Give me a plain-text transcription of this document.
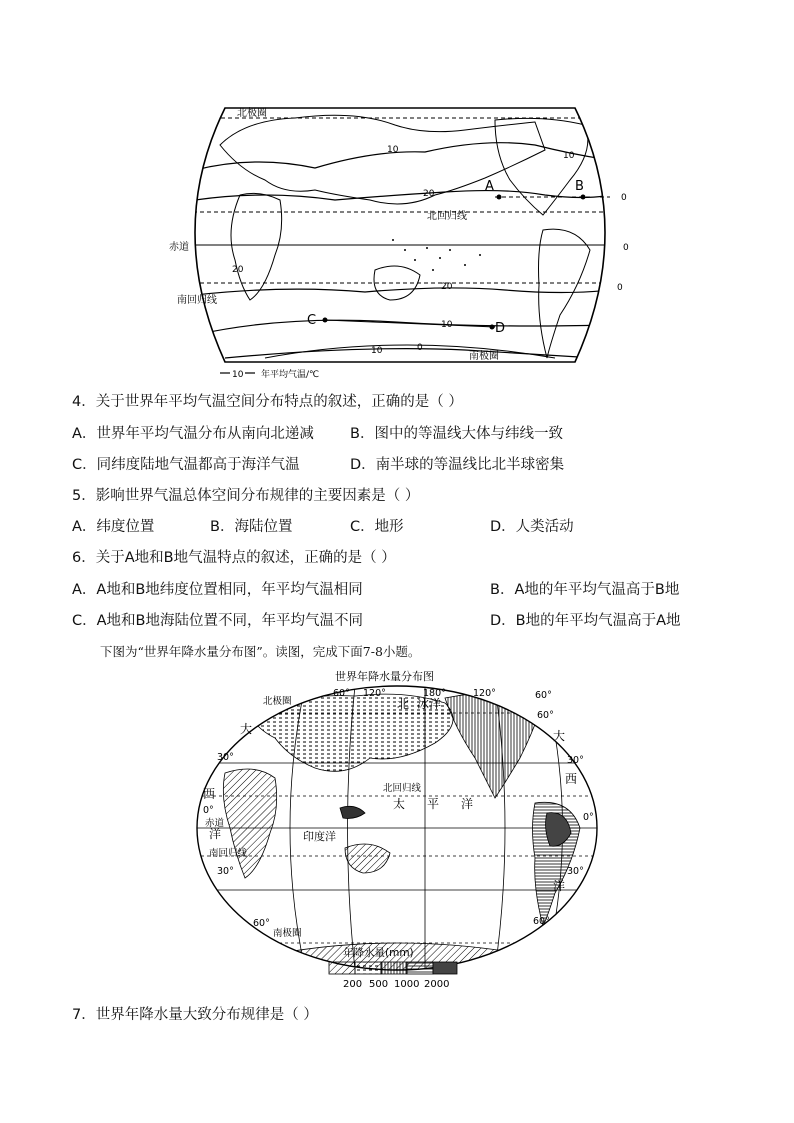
北极圈
赤道
南回归线
北回归线
南极圈
10
10
20
20
20
10
10	0
0
0
0
A	B
C
D
10 年平均气温/℃
4．关于世界年平均气温空间分布特点的叙述，正确的是（ ）
A．世界年平均气温分布从南向北递减 B．图中的等温线大体与纬线一致
C．同纬度陆地气温都高于海洋气温	D．南半球的等温线比北半球密集
5．影响世界气温总体空间分布规律的主要因素是（ ）
A．纬度位置	B．海陆位置	C．地形	D．人类活动
6．关于A地和B地气温特点的叙述，正确的是（ ）
A．A地和B地纬度位置相同，年平均气温相同	B．A地的年平均气温高于B地
C．A地和B地海陆位置不同，年平均气温不同	D．B地的年平均气温高于A地
下图为“世界年降水量分布图”。读图，完成下面7-8小题。
世界年降水量分布图
北极圈	北 冰洋
60° 120°	180°	120°
60°
30°
0°
赤道
南回归线
30°
60°
南极圈
北回归线
太 平 洋
印度洋
西
洋
大	大
西
洋
60°
30°
0°
30°
60°
年降水量(mm)
200 500 1000 2000
7．世界年降水量大致分布规律是（ ）
